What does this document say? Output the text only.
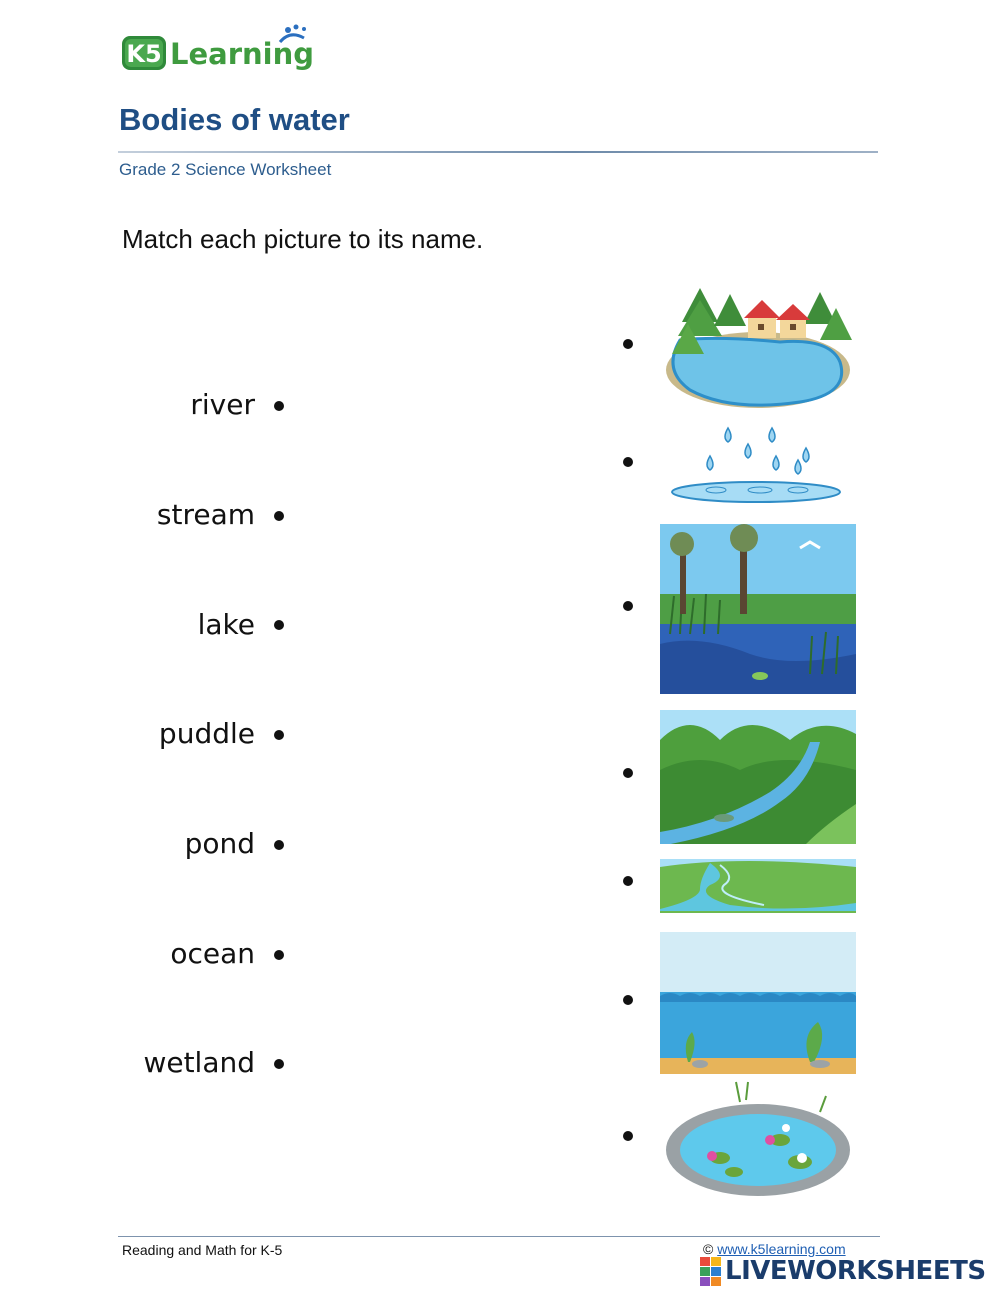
K5 Learning
Bodies of water
Grade 2 Science Worksheet
Match each picture to its name.
river
stream
lake
puddle
pond
ocean
wetland
Reading and Math for K-5	© www.k5learning.com
LIVEWORKSHEETS
